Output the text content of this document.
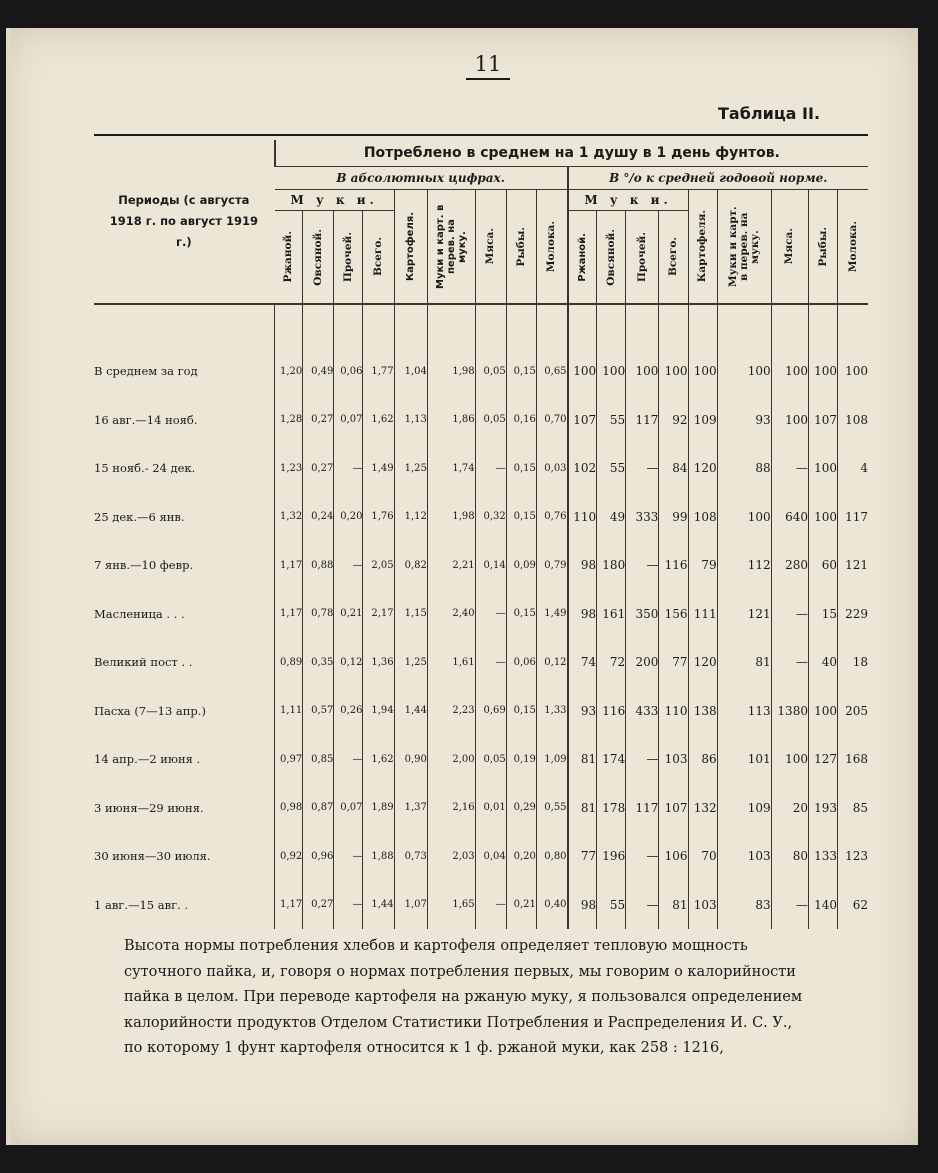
11
Таблица II.
Периоды (с августа 1918 г. по август 1919 г.)	Потреблено в среднем на 1 душу в 1 день фунтов.																	
	В абсолютных цифрах.									В °/о к средней годовой норме.								
	М у к и.				Картофеля.	Муки и карт. в перев. на муку.	Мяса.	Рыбы.	Молока.	М у к и.				Картофеля.	Муки и карт. в перев. на муку.	Мяса.	Рыбы.	Молока.

	Ржаной.	Овсяной.	Прочей.	Всего.						Ржаной.	Овсяной.	Прочей.	Всего.					

В среднем за год	1,20	0,49	0,06	1,77	1,04	1,98	0,05	0,15	0,65	100	100	100	100	100	100	100	100	100
16 авг.—14 нояб.	1,28	0,27	0,07	1,62	1,13	1,86	0,05	0,16	0,70	107	55	117	92	109	93	100	107	108
15 нояб.- 24 дек.	1,23	0,27	—	1,49	1,25	1,74	—	0,15	0,03	102	55	—	84	120	88	—	100	4
25 дек.—6 янв.	1,32	0,24	0,20	1,76	1,12	1,98	0,32	0,15	0,76	110	49	333	99	108	100	640	100	117
7 янв.—10 февр.	1,17	0,88	—	2,05	0,82	2,21	0,14	0,09	0,79	98	180	—	116	79	112	280	60	121
Масленица . . .	1,17	0,78	0,21	2,17	1,15	2,40	—	0,15	1,49	98	161	350	156	111	121	—	15	229
Великий пост . .	0,89	0,35	0,12	1,36	1,25	1,61	—	0,06	0,12	74	72	200	77	120	81	—	40	18
Пасха (7—13 апр.)	1,11	0,57	0,26	1,94	1,44	2,23	0,69	0,15	1,33	93	116	433	110	138	113	1380	100	205
14 апр.—2 июня .	0,97	0,85	—	1,62	0,90	2,00	0,05	0,19	1,09	81	174	—	103	86	101	100	127	168
3 июня—29 июня.	0,98	0,87	0,07	1,89	1,37	2,16	0,01	0,29	0,55	81	178	117	107	132	109	20	193	85
30 июня—30 июля.	0,92	0,96	—	1,88	0,73	2,03	0,04	0,20	0,80	77	196	—	106	70	103	80	133	123
1 авг.—15 авг. .	1,17	0,27	—	1,44	1,07	1,65	—	0,21	0,40	98	55	—	81	103	83	—	140	62
Высота нормы потребления хлебов и картофеля определяет тепловую мощность
суточного пайка, и, говоря о нормах потребления первых, мы говорим о калорийности
пайка в целом. При переводе картофеля на ржаную муку, я пользовался определением
калорийности продуктов Отделом Статистики Потребления и Распределения И. С. У.,
по которому 1 фунт картофеля относится к 1 ф. ржаной муки, как 258 : 1216,
